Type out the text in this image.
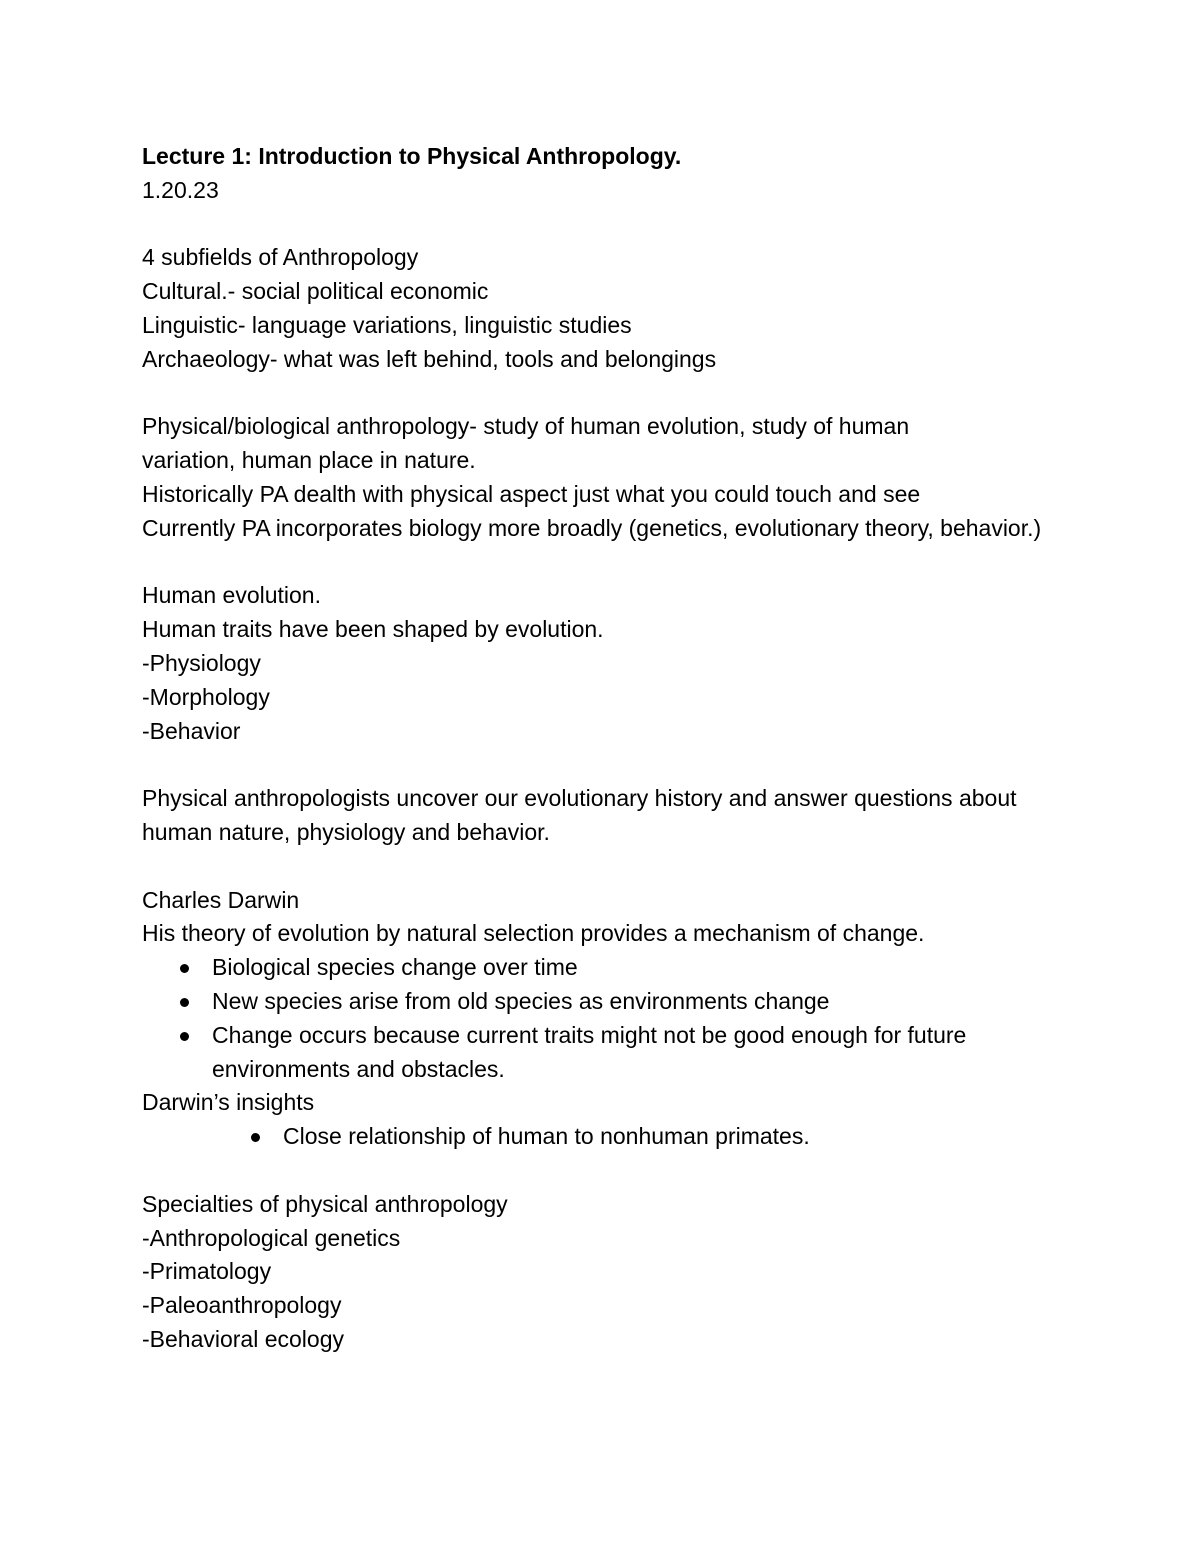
Lecture 1: Introduction to Physical Anthropology.

1.20.23

4 subfields of Anthropology

Cultural.- social political economic

Linguistic- language variations, linguistic studies

Archaeology- what was left behind, tools and belongings

Physical/biological anthropology- study of human evolution, study of human variation, human place in nature.

Historically PA dealth with physical aspect just what you could touch and see

Currently PA incorporates biology more broadly (genetics, evolutionary theory, behavior.)

Human evolution.

Human traits have been shaped by evolution.

-Physiology

-Morphology

-Behavior

Physical anthropologists uncover our evolutionary history and answer questions about human nature, physiology and behavior.

Charles Darwin

His theory of evolution by natural selection provides a mechanism of change.

Biological species change over time
New species arise from old species as environments change
Change occurs because current traits might not be good enough for future environments and obstacles.

Darwin’s insights

Close relationship of human to nonhuman primates.

Specialties of physical anthropology

-Anthropological genetics

-Primatology

-Paleoanthropology

-Behavioral ecology
